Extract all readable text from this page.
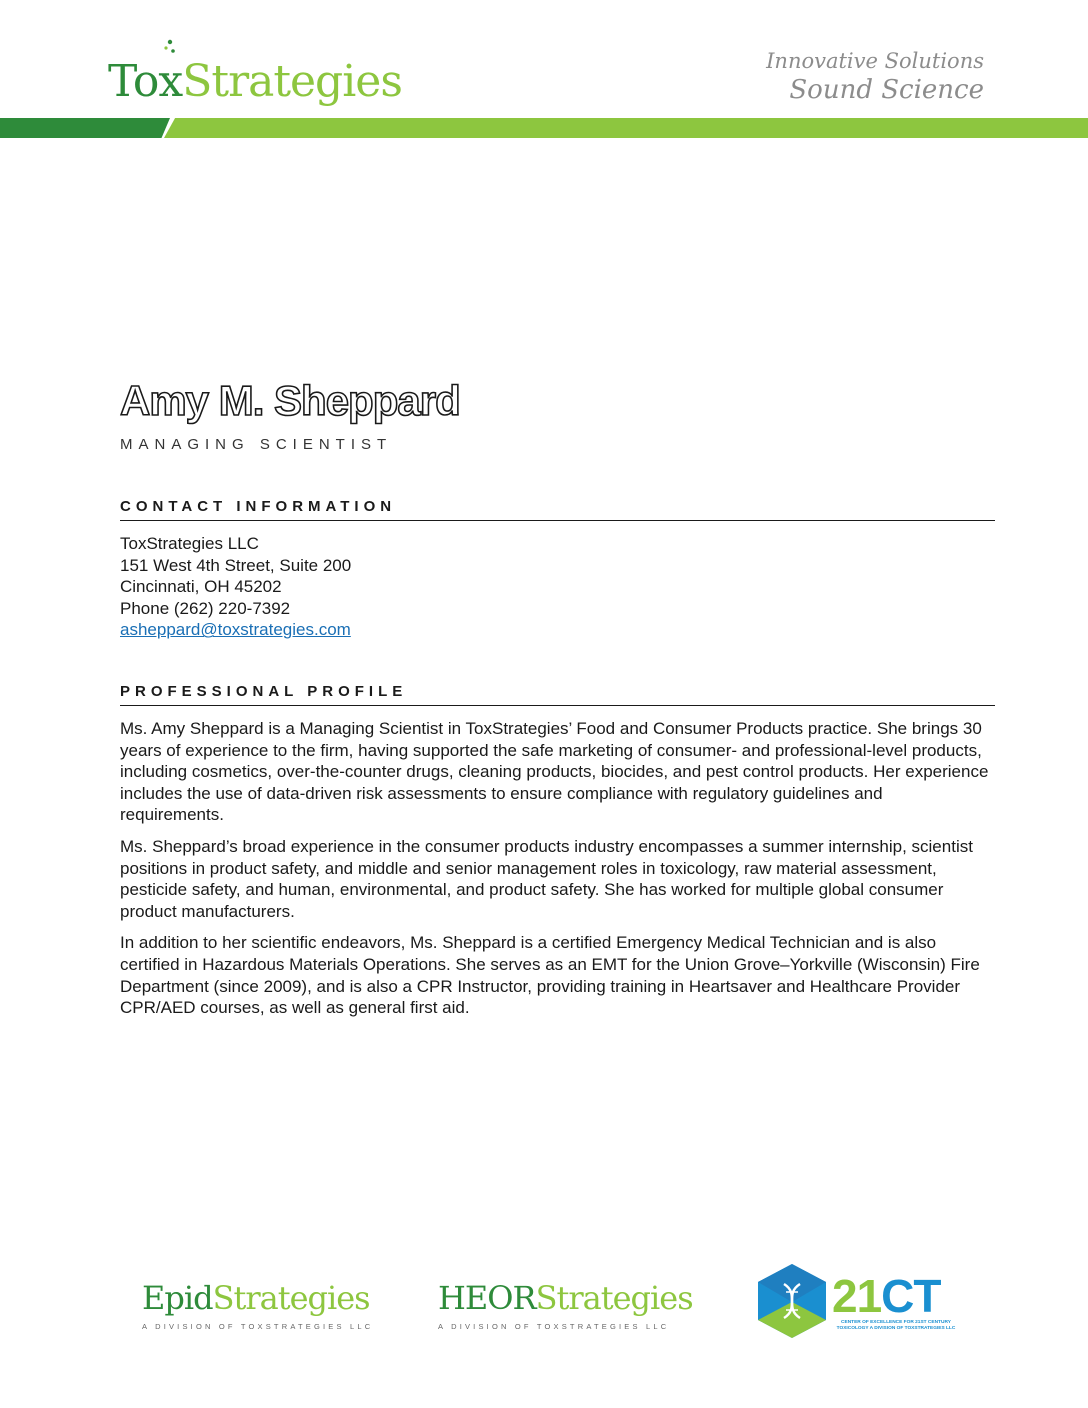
Tox Strategies	Innovative Solutions
Sound Science
Amy M. Sheppard
MANAGING SCIENTIST
CONTACT INFORMATION
ToxStrategies LLC
151 West 4th Street, Suite 200
Cincinnati, OH 45202
Phone (262) 220-7392
asheppard@toxstrategies.com
PROFESSIONAL PROFILE

Ms. Amy Sheppard is a Managing Scientist in ToxStrategies’ Food and Consumer Products practice. She brings 30 years of experience to the firm, having supported the safe marketing of consumer- and professional-level products, including cosmetics, over-the-counter drugs, cleaning products, biocides, and pest control products. Her experience includes the use of data-driven risk assessments to ensure compliance with regulatory guidelines and requirements.

Ms. Sheppard’s broad experience in the consumer products industry encompasses a summer internship, scientist positions in product safety, and middle and senior management roles in toxicology, raw material assessment, pesticide safety, and human, environmental, and product safety. She has worked for multiple global consumer product manufacturers.

In addition to her scientific endeavors, Ms. Sheppard is a certified Emergency Medical Technician and is also certified in Hazardous Materials Operations. She serves as an EMT for the Union Grove–Yorkville (Wisconsin) Fire Department (since 2009), and is also a CPR Instructor, providing training in Heartsaver and Healthcare Provider CPR/AED courses, as well as general first aid.

EpidStrategies
A DIVISION OF TOXSTRATEGIES LLC
HEORStrategies
A DIVISION OF TOXSTRATEGIES LLC
21CT
CENTER OF EXCELLENCE FOR 21ST CENTURY TOXICOLOGY A DIVISION OF TOXSTRATEGIES LLC
